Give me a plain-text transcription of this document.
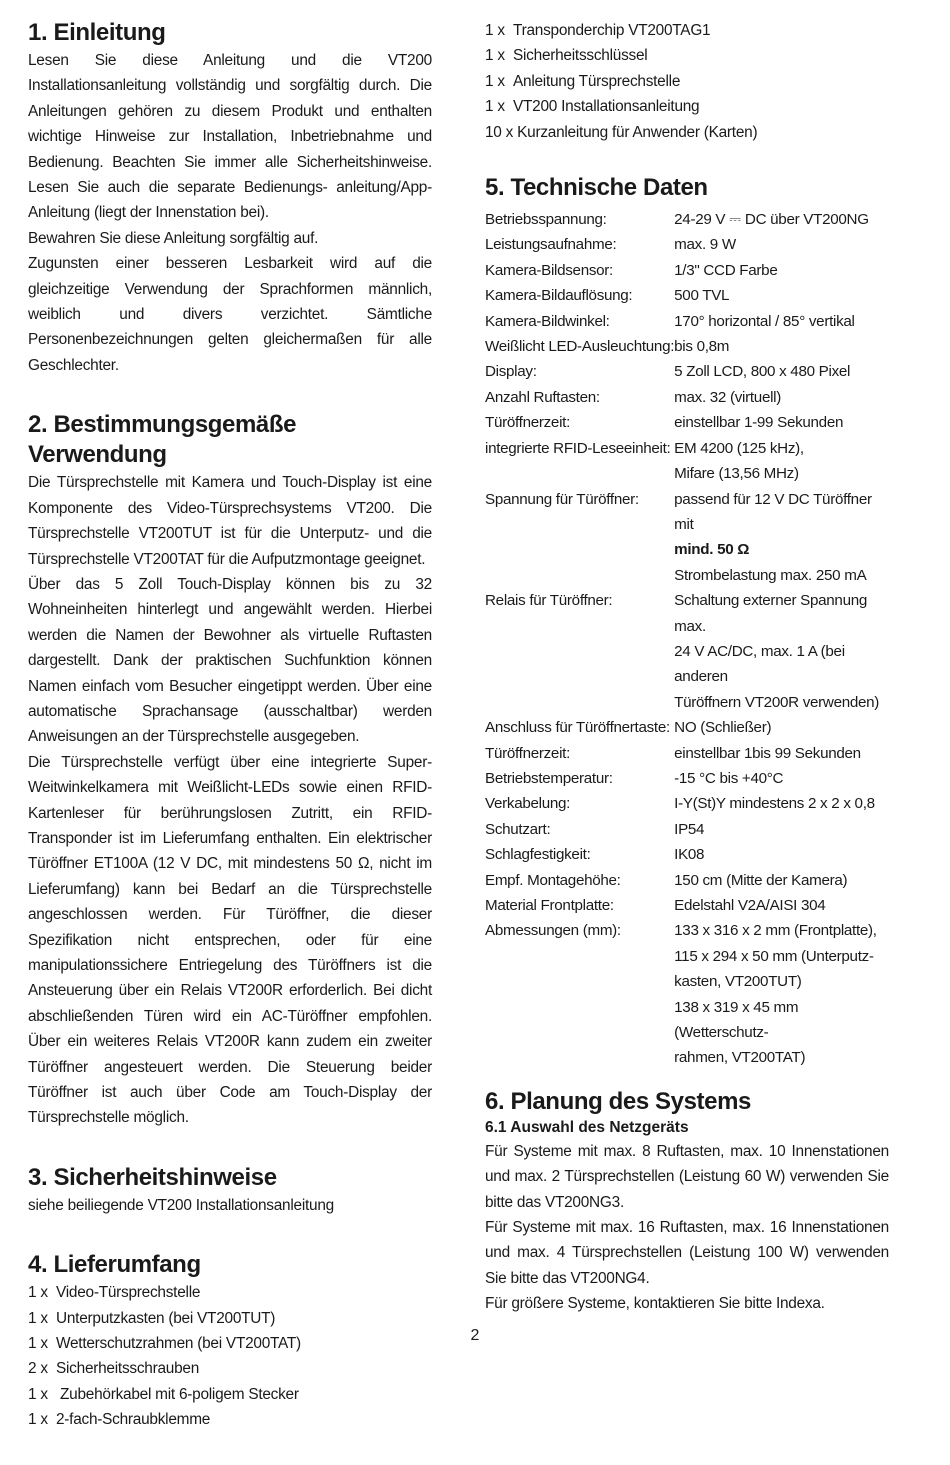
1. Einleitung

Lesen Sie diese Anleitung und die VT200 Installationsanleitung vollständig und sorgfältig durch. Die Anleitungen gehören zu diesem Produkt und enthalten wichtige Hinweise zur Installation, Inbetriebnahme und Bedienung. Beachten Sie immer alle Sicherheitshinweise. Lesen Sie auch die separate Bedienungs- anleitung/App-Anleitung (liegt der Innenstation bei).

Bewahren Sie diese Anleitung sorgfältig auf.

Zugunsten einer besseren Lesbarkeit wird auf die gleichzeitige Verwendung der Sprachformen männlich, weiblich und divers verzichtet. Sämtliche Personenbezeichnungen gelten gleichermaßen für alle Geschlechter.

2. Bestimmungsgemäße Verwendung

Die Türsprechstelle mit Kamera und Touch-Display ist eine Komponente des Video-Türsprechsystems VT200. Die Türsprechstelle VT200TUT ist für die Unterputz- und die Türsprechstelle VT200TAT für die Aufputzmontage geeignet.

Über das 5 Zoll Touch-Display können bis zu 32 Wohneinheiten hinterlegt und angewählt werden. Hierbei werden die Namen der Bewohner als virtuelle Ruftasten dargestellt. Dank der praktischen Suchfunktion können Namen einfach vom Besucher eingetippt werden. Über eine automatische Sprachansage (ausschaltbar) werden Anweisungen an der Türsprechstelle ausgegeben.

Die Türsprechstelle verfügt über eine integrierte Super-Weitwinkelkamera mit Weißlicht-LEDs sowie einen RFID-Kartenleser für berührungslosen Zutritt, ein RFID-Transponder ist im Lieferumfang enthalten. Ein elektrischer Türöffner ET100A (12 V DC, mit mindestens 50 Ω, nicht im Lieferumfang) kann bei Bedarf an die Türsprechstelle angeschlossen werden. Für Türöffner, die dieser Spezifikation nicht entsprechen, oder für eine manipulationssichere Entriegelung des Türöffners ist die Ansteuerung über ein Relais VT200R erforderlich. Bei dicht abschließenden Türen wird ein AC-Türöffner empfohlen. Über ein weiteres Relais VT200R kann zudem ein zweiter Türöffner angesteuert werden. Die Steuerung beider Türöffner ist auch über Code am Touch-Display der Türsprechstelle möglich.

3. Sicherheitshinweise

siehe beiliegende VT200 Installationsanleitung

4. Lieferumfang
1 x Video-Türsprechstelle
1 x Unterputzkasten (bei VT200TUT)
1 x Wetterschutzrahmen (bei VT200TAT)
2 x Sicherheitsschrauben
1 x Zubehörkabel mit 6-poligem Stecker
1 x 2-fach-Schraubklemme
1 x Transponderchip VT200TAG1
1 x Sicherheitsschlüssel
1 x Anleitung Türsprechstelle
1 x VT200 Installationsanleitung
10 x Kurzanleitung für Anwender (Karten)
5. Technische Daten
Betriebsspannung:	24-29 V ⎓ DC über VT200NG
Leistungsaufnahme:	max. 9 W
Kamera-Bildsensor:	1/3" CCD Farbe
Kamera-Bildauflösung:	500 TVL
Kamera-Bildwinkel:	170° horizontal / 85° vertikal
Weißlicht LED-Ausleuchtung:	bis 0,8m
Display:	5 Zoll LCD, 800 x 480 Pixel
Anzahl Ruftasten:	max. 32 (virtuell)
Türöffnerzeit:	einstellbar 1-99 Sekunden
integrierte RFID-Leseeinheit:	EM 4200 (125 kHz),
	Mifare (13,56 MHz)
Spannung für Türöffner:	passend für 12 V DC Türöffner mit
	mind. 50 Ω
	Strombelastung max. 250 mA
Relais für Türöffner:	Schaltung externer Spannung max.
	24 V AC/DC, max. 1 A (bei anderen
	Türöffnern VT200R verwenden)
Anschluss für Türöffnertaste:	NO (Schließer)
Türöffnerzeit:	einstellbar 1bis 99 Sekunden
Betriebstemperatur:	-15 °C bis +40°C
Verkabelung:	I-Y(St)Y mindestens 2 x 2 x 0,8
Schutzart:	IP54
Schlagfestigkeit:	IK08
Empf. Montagehöhe:	150 cm (Mitte der Kamera)
Material Frontplatte:	Edelstahl V2A/AISI 304
Abmessungen (mm):	133 x 316 x 2 mm (Frontplatte),
	115 x 294 x 50 mm (Unterputz-
	kasten, VT200TUT)
	138 x 319 x 45 mm (Wetterschutz-
	rahmen, VT200TAT)
6. Planung des Systems
6.1 Auswahl des Netzgeräts

Für Systeme mit max. 8 Ruftasten, max. 10 Innenstationen und max. 2 Türsprechstellen (Leistung 60 W) verwenden Sie bitte das VT200NG3.

Für Systeme mit max. 16 Ruftasten, max. 16 Innenstationen und max. 4 Türsprechstellen (Leistung 100 W) verwenden Sie bitte das VT200NG4.

Für größere Systeme, kontaktieren Sie bitte Indexa.

2
